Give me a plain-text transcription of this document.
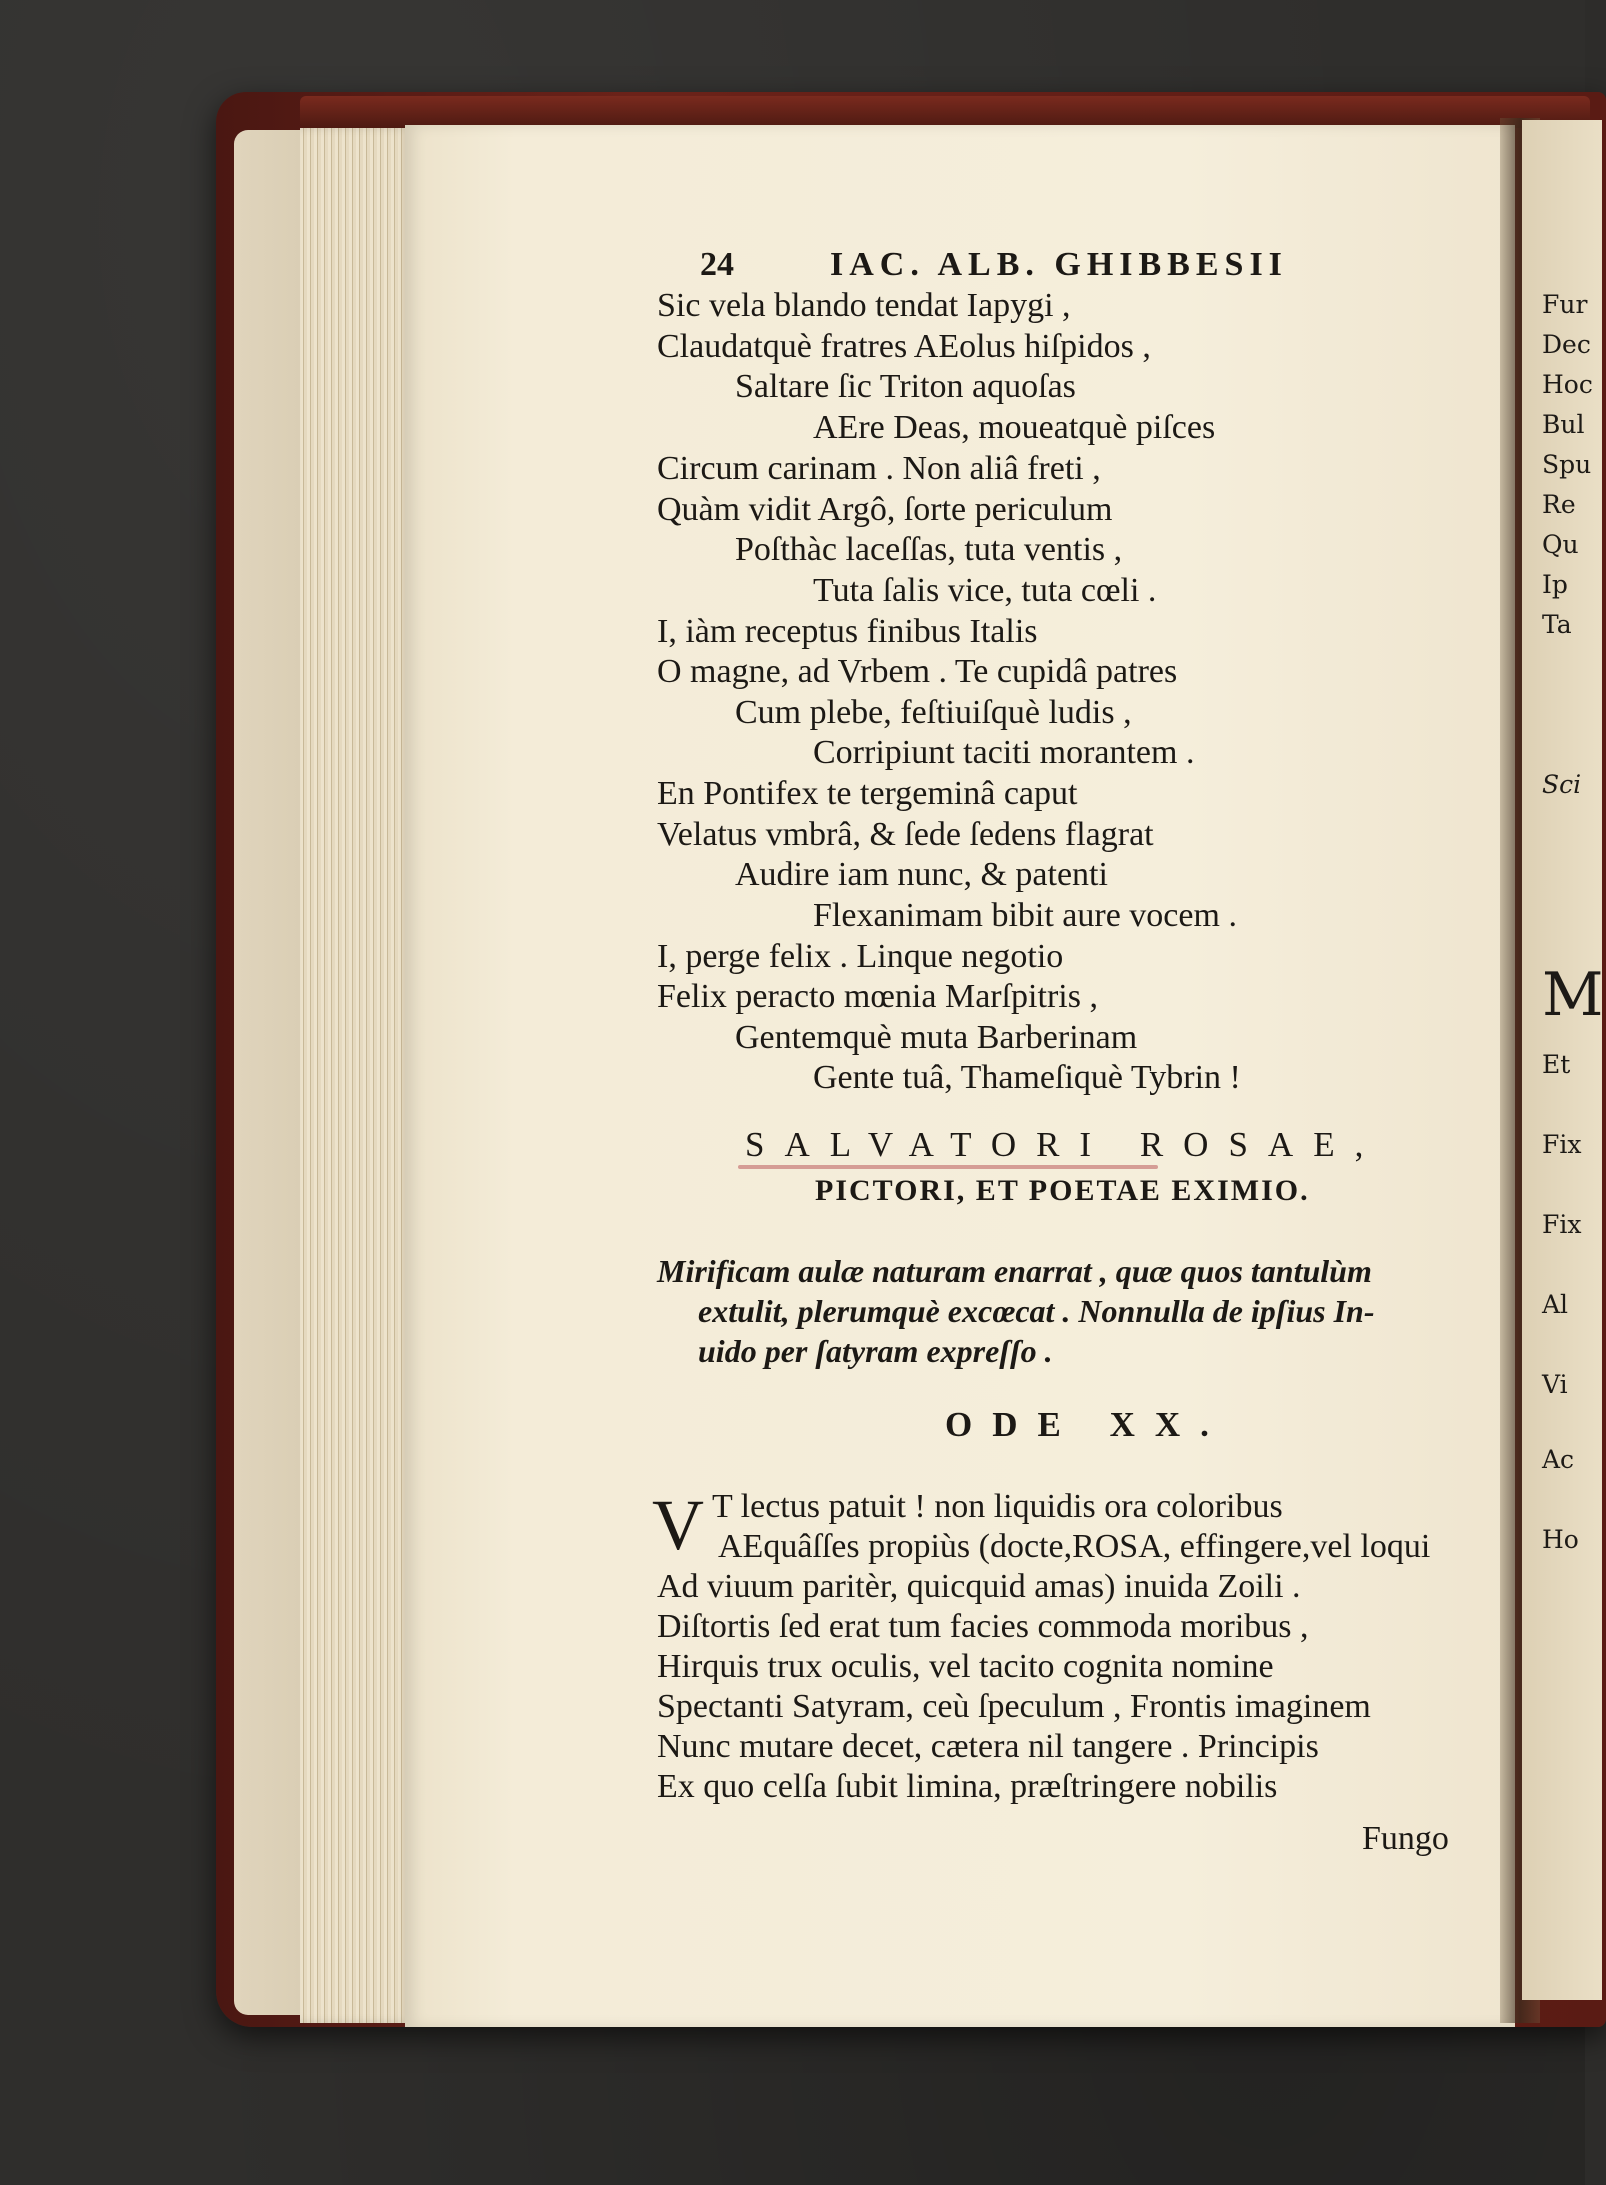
Fur
Dec
Hoc
Bul
Spu
Re
Qu
Ip
Ta
Sci
M
Et
Fix
Fix
Al
Vi
Ac
Ho
24	IAC. ALB. GHIBBESII
Sic vela blando tendat Iapygi ,
Claudatquè fratres AEolus hiſpidos ,
Saltare ſic Triton aquoſas
AEre Deas, moueatquè piſces
Circum carinam . Non aliâ freti ,
Quàm vidit Argô, ſorte periculum
Poſthàc laceſſas, tuta ventis ,
Tuta ſalis vice, tuta cœli .
I, iàm receptus finibus Italis
O magne, ad Vrbem . Te cupidâ patres
Cum plebe, feſtiuiſquè ludis ,
Corripiunt taciti morantem .
En Pontifex te tergeminâ caput
Velatus vmbrâ, & ſede ſedens flagrat
Audire iam nunc, & patenti
Flexanimam bibit aure vocem .
I, perge felix . Linque negotio
Felix peracto mœnia Marſpitris ,
Gentemquè muta Barberinam
Gente tuâ, Thameſiquè Tybrin !
SALVATORI ROSAE,
PICTORI, ET POETAE EXIMIO.
Mirificam aulæ naturam enarrat , quæ quos tantulùm
extulit, plerumquè excœcat . Nonnulla de ipſius In-
uido per ſatyram expreſſo .
ODE XX.
V T lectus patuit ! non liquidis ora coloribus
AEquâſſes propiùs (docte,ROSA, effingere,vel loqui
Ad viuum paritèr, quicquid amas) inuida Zoili .
Diſtortis ſed erat tum facies commoda moribus ,
Hirquis trux oculis, vel tacito cognita nomine
Spectanti Satyram, ceù ſpeculum , Frontis imaginem
Nunc mutare decet, cætera nil tangere . Principis
Ex quo celſa ſubit limina, præſtringere nobilis
Fungo
